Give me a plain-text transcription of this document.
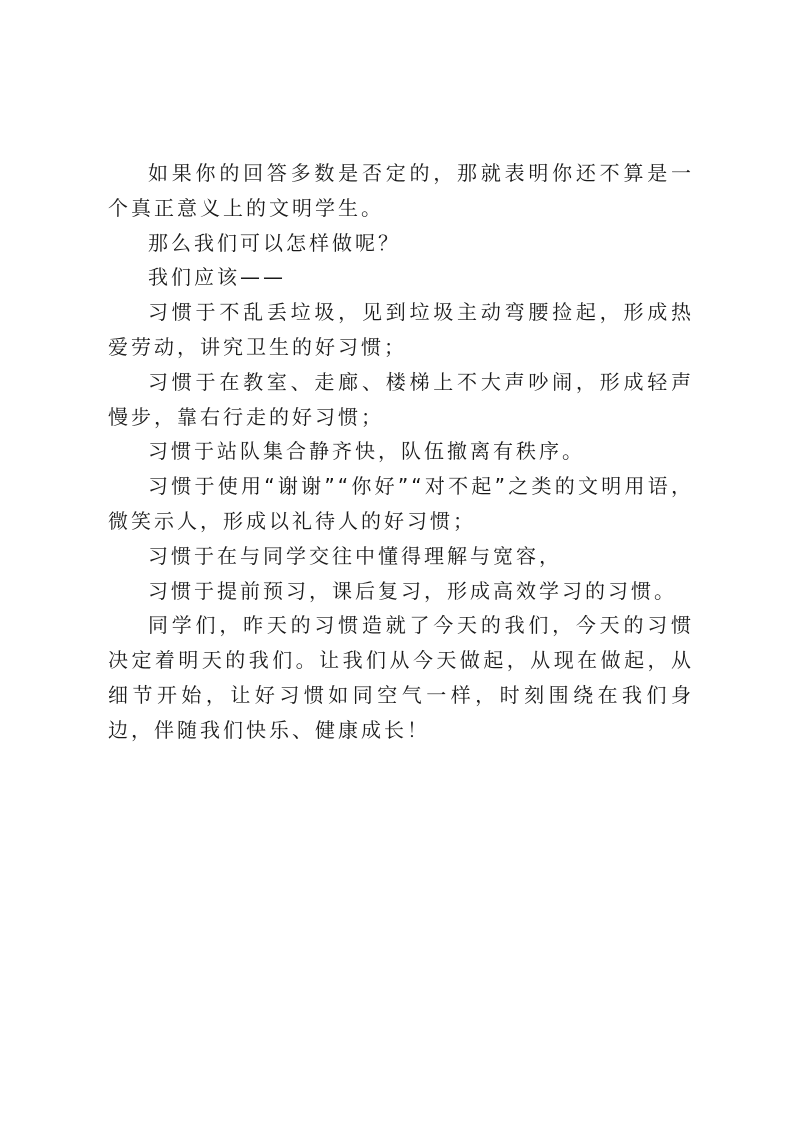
如果你的回答多数是否定的，那就表明你还不算是一个真正意义上的文明学生。

那么我们可以怎样做呢？

我们应该——

习惯于不乱丢垃圾，见到垃圾主动弯腰捡起，形成热爱劳动，讲究卫生的好习惯；

习惯于在教室、走廊、楼梯上不大声吵闹，形成轻声慢步，靠右行走的好习惯；

习惯于站队集合静齐快，队伍撤离有秩序。

习惯于使用“谢谢”“你好”“对不起”之类的文明用语，微笑示人，形成以礼待人的好习惯；

习惯于在与同学交往中懂得理解与宽容，

习惯于提前预习，课后复习，形成高效学习的习惯。

同学们，昨天的习惯造就了今天的我们，今天的习惯决定着明天的我们。让我们从今天做起，从现在做起，从细节开始，让好习惯如同空气一样，时刻围绕在我们身边，伴随我们快乐、健康成长！
